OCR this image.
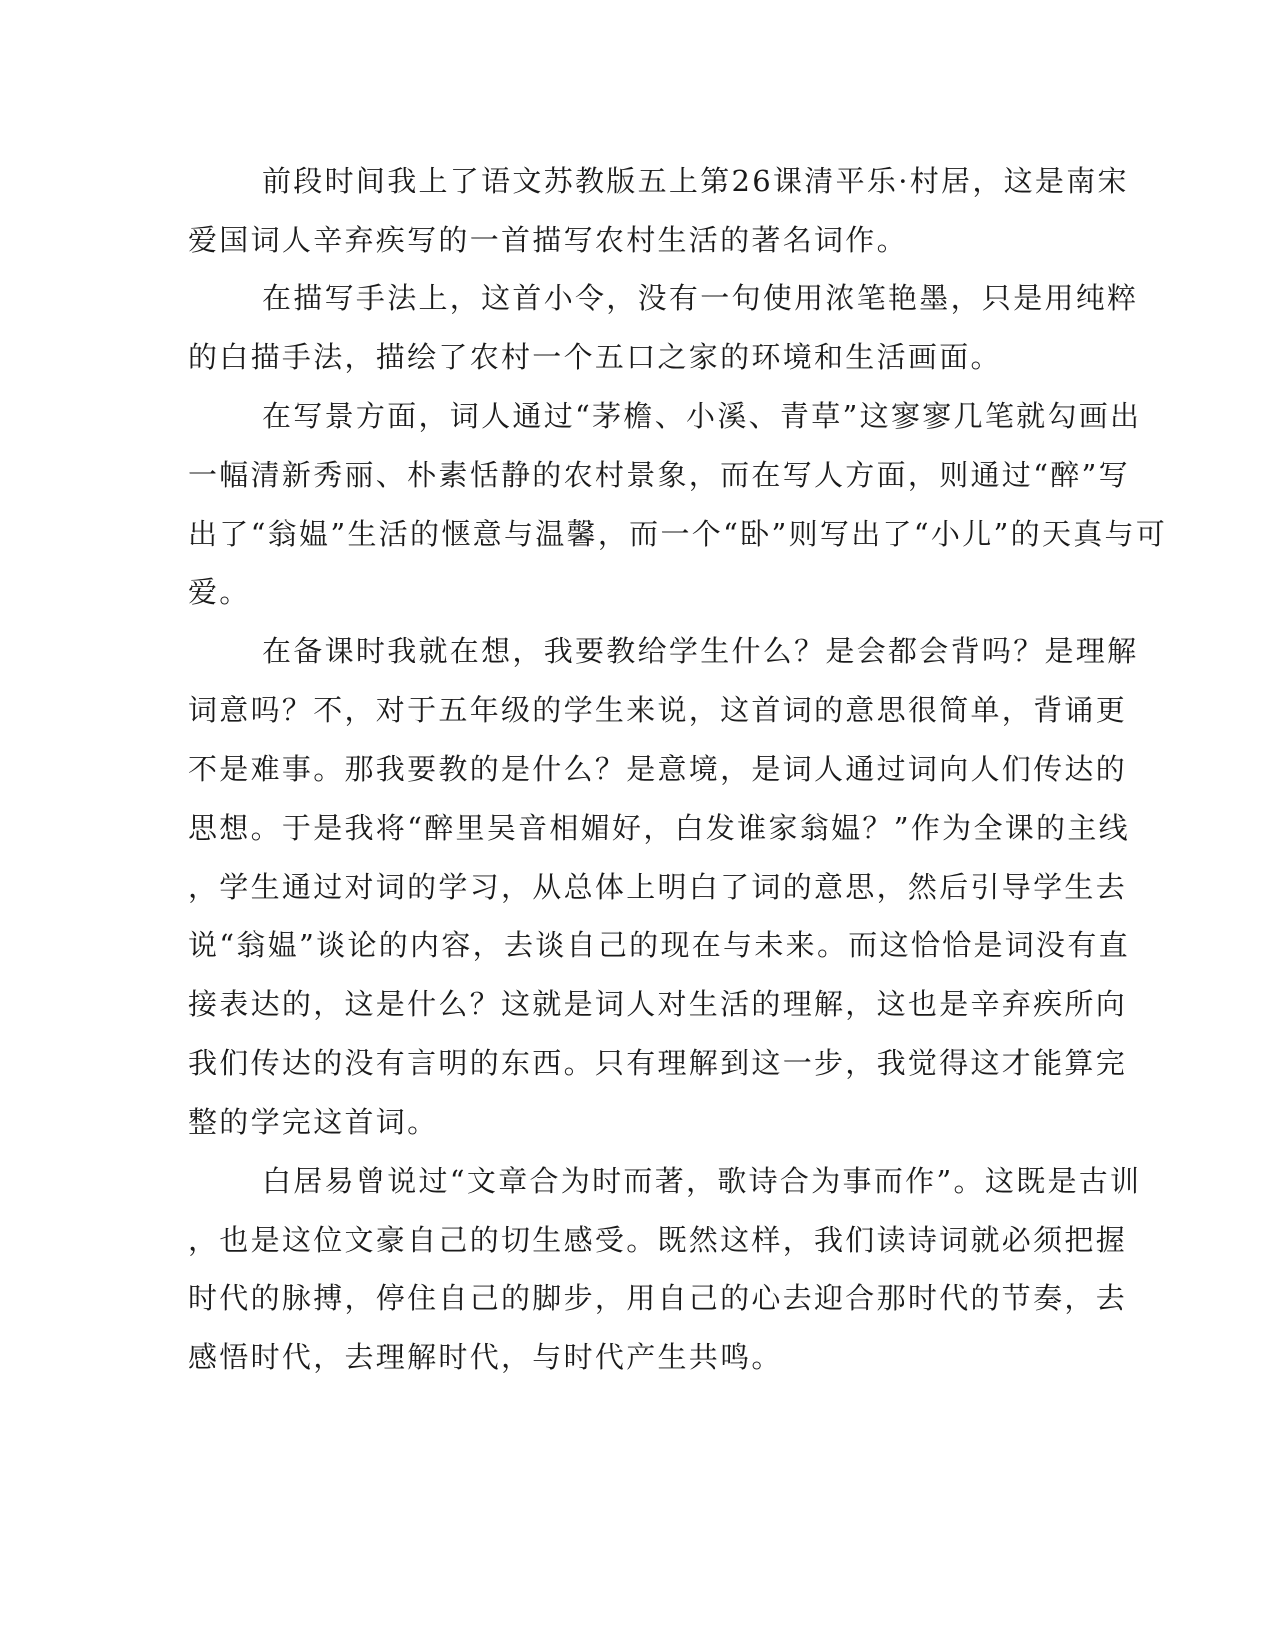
前段时间我上了语文苏教版五上第26课清平乐·村居，这是南宋
爱国词人辛弃疾写的一首描写农村生活的著名词作。
在描写手法上，这首小令，没有一句使用浓笔艳墨，只是用纯粹
的白描手法，描绘了农村一个五口之家的环境和生活画面。
在写景方面，词人通过“茅檐、小溪、青草”这寥寥几笔就勾画出
一幅清新秀丽、朴素恬静的农村景象，而在写人方面，则通过“醉”写
出了“翁媪”生活的惬意与温馨，而一个“卧”则写出了“小儿”的天真与可
爱。
在备课时我就在想，我要教给学生什么？是会都会背吗？是理解
词意吗？不，对于五年级的学生来说，这首词的意思很简单，背诵更
不是难事。那我要教的是什么？是意境，是词人通过词向人们传达的
思想。于是我将“醉里吴音相媚好，白发谁家翁媪？”作为全课的主线
，学生通过对词的学习，从总体上明白了词的意思，然后引导学生去
说“翁媪”谈论的内容，去谈自己的现在与未来。而这恰恰是词没有直
接表达的，这是什么？这就是词人对生活的理解，这也是辛弃疾所向
我们传达的没有言明的东西。只有理解到这一步，我觉得这才能算完
整的学完这首词。
白居易曾说过“文章合为时而著，歌诗合为事而作”。这既是古训
，也是这位文豪自己的切生感受。既然这样，我们读诗词就必须把握
时代的脉搏，停住自己的脚步，用自己的心去迎合那时代的节奏，去
感悟时代，去理解时代，与时代产生共鸣。
